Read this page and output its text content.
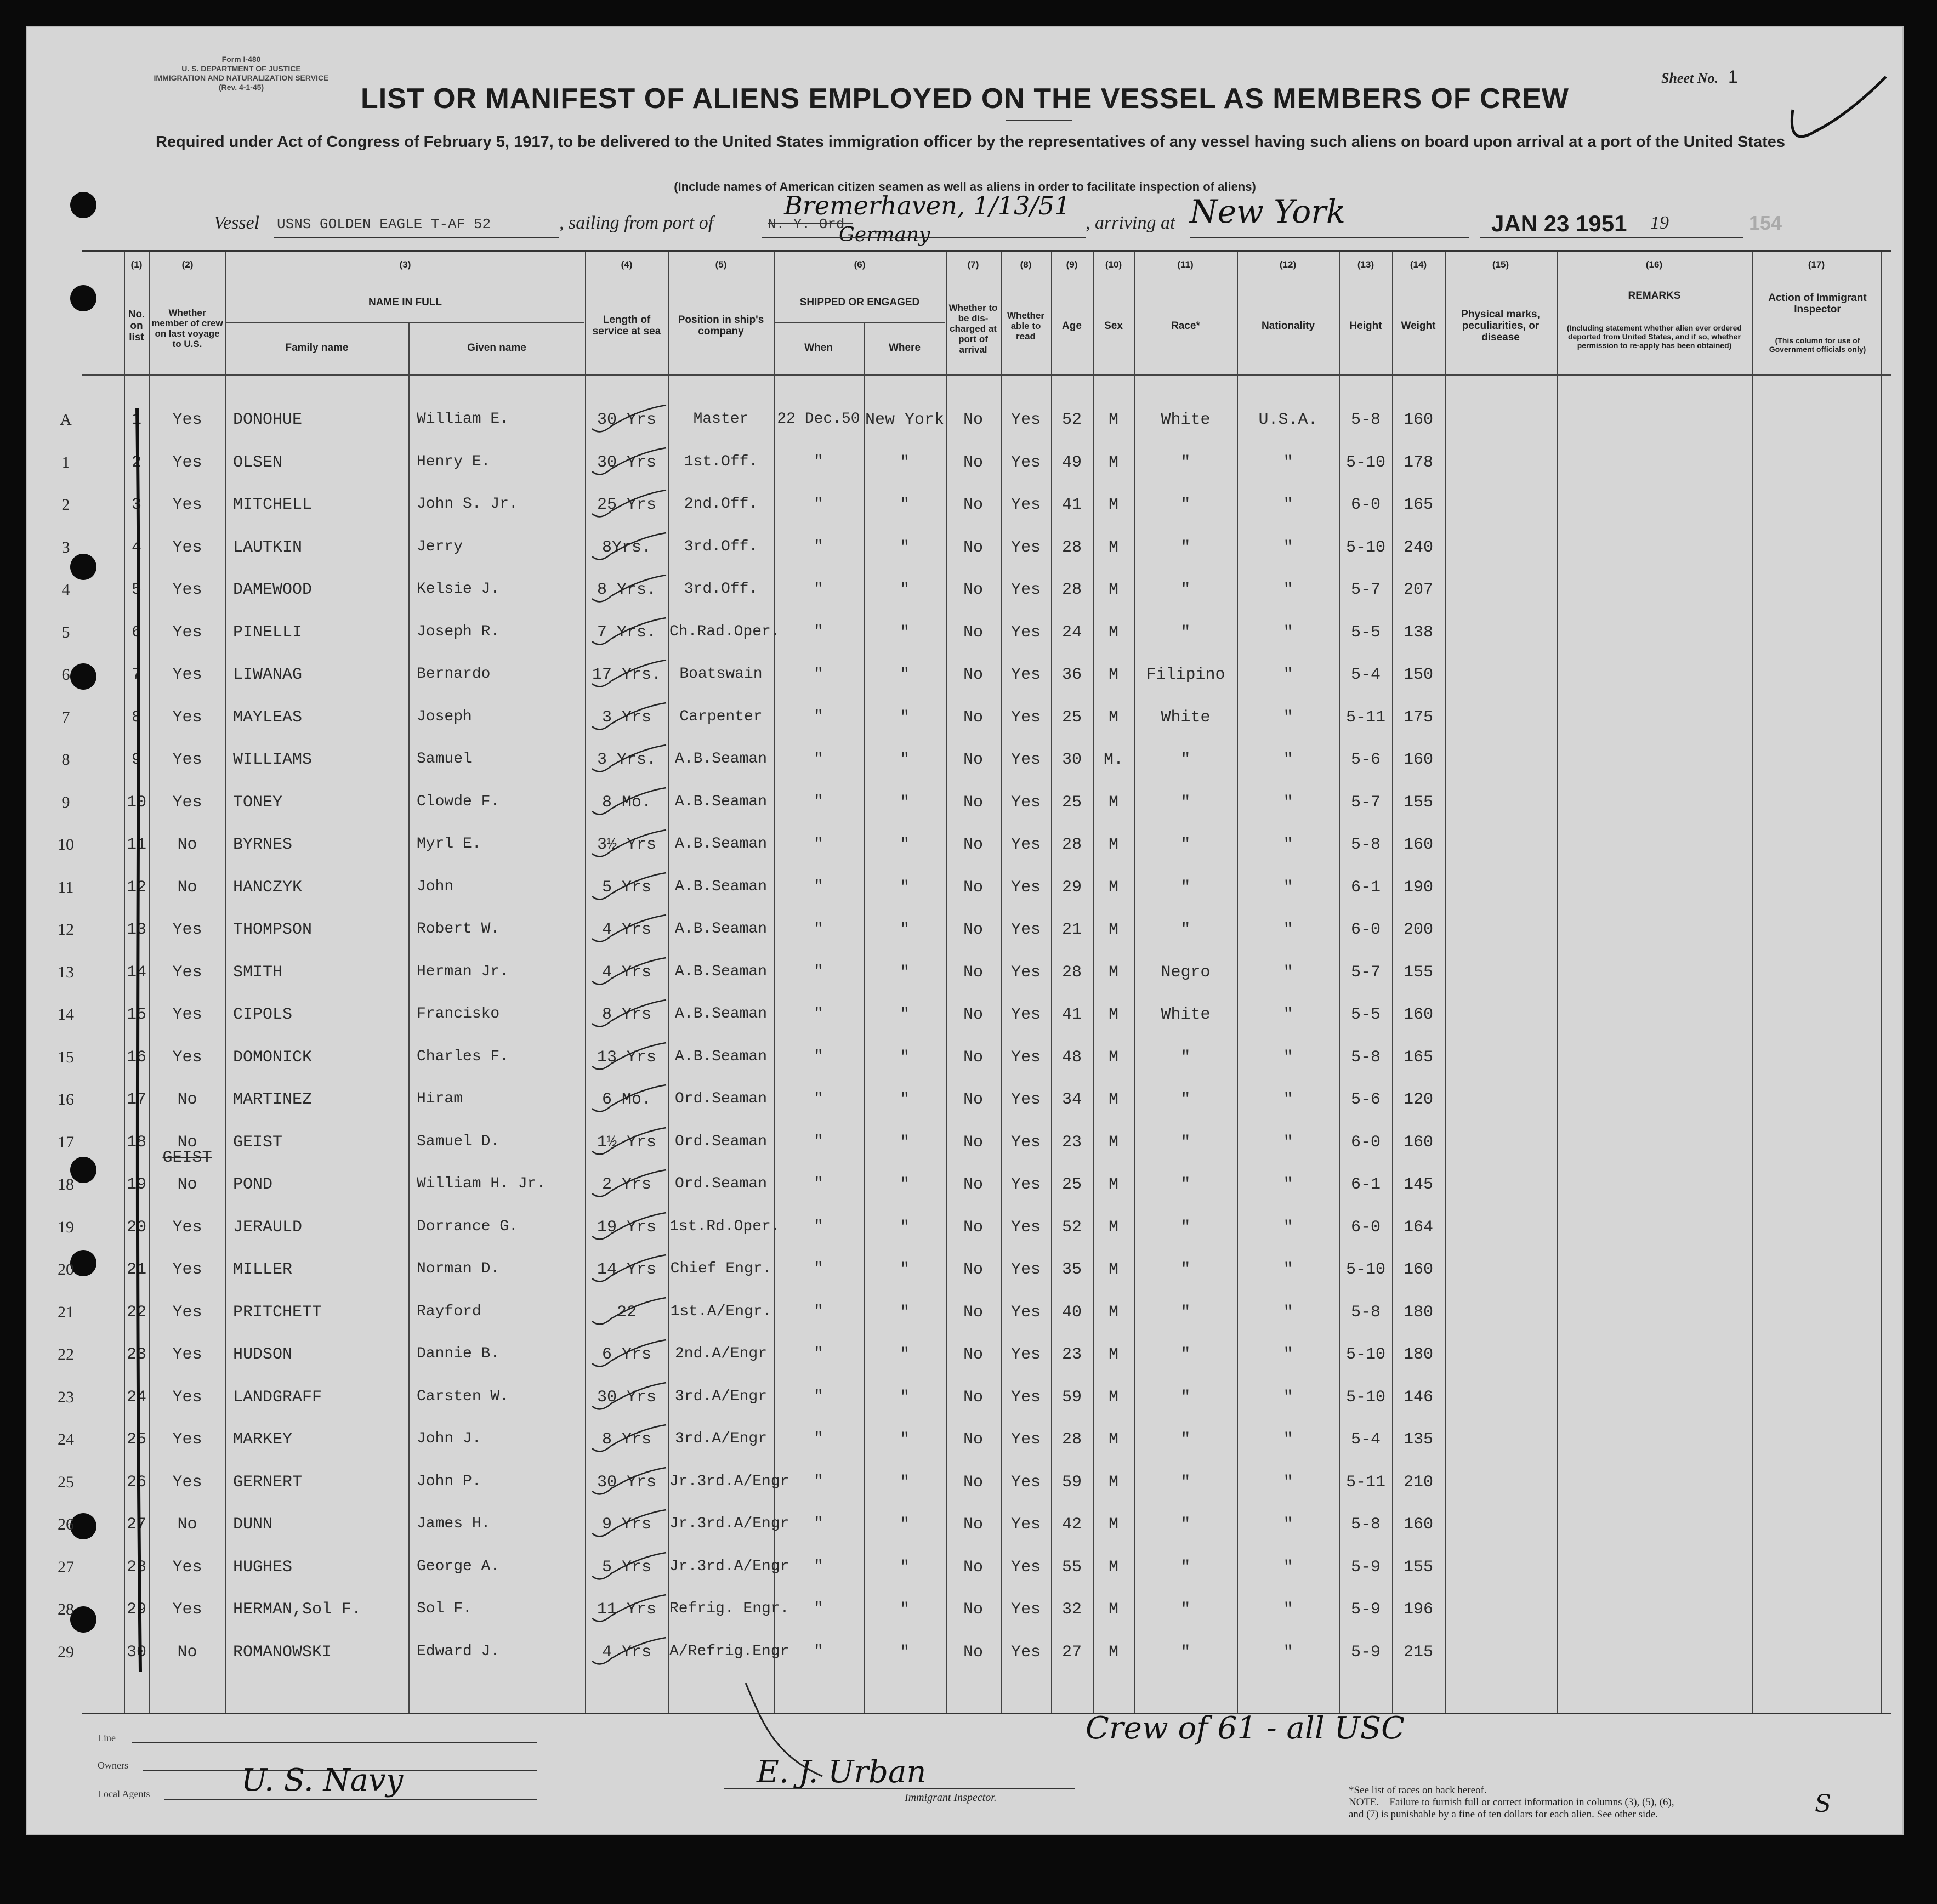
Form I-480
U. S. DEPARTMENT OF JUSTICE
IMMIGRATION AND NATURALIZATION SERVICE
(Rev. 4-1-45)
Sheet No. 1
LIST OR MANIFEST OF ALIENS EMPLOYED ON THE VESSEL AS MEMBERS OF CREW
Required under Act of Congress of February 5, 1917, to be delivered to the United States immigration officer by the representatives of any vessel having such aliens on board upon arrival at a port of the United States
(Include names of American citizen seamen as well as aliens in order to facilitate inspection of aliens)
Vessel USNS GOLDEN EAGLE T-AF 52	, sailing from port of	N. Y. Ord.
Bremerhaven, 1/13/51
Germany
, arriving at New York	JAN 23 1951 19	154
No. on list
Whether member of crew on last voyage to U.S.
NAME IN FULL
Family name	Given name
Length of service at sea
Position in ship's company
SHIPPED OR ENGAGED
When	Where
Whether to be dis-charged at port of arrival
Whether able to read
Age	Sex	Race*	Nationality	Height	Weight
Physical marks, peculiarities, or disease
REMARKS
(Including statement whether alien ever ordered deported from United States, and if so, whether permission to re-apply has been obtained)
Action of Immigrant Inspector
(This column for use of Government officials only)
(1)	(2)	(3)	(4)	(5)	(6)	(7)	(8)	(9)	(10)	(11)	(12)	(13)	(14)	(15)	(16)	(17)
A	1	Yes	DONOHUE	William E.	30 Yrs	Master	22 Dec.50 New York	No	Yes	52	M	White	U.S.A.	5-8	160
1	2	Yes	OLSEN	Henry E.	30 Yrs	1st.Off.	"	"	No	Yes	49	M	"	"	5-10	178
2	3	Yes	MITCHELL	John S. Jr.	25 Yrs	2nd.Off.	"	"	No	Yes	41	M	"	"	6-0	165
3	4	Yes	LAUTKIN	Jerry	8Yrs.	3rd.Off.	"	"	No	Yes	28	M	"	"	5-10	240
4	5	Yes	DAMEWOOD	Kelsie J.	8 Yrs.	3rd.Off.	"	"	No	Yes	28	M	"	"	5-7	207
5	6	Yes	PINELLI	Joseph R.	7 Yrs. Ch.Rad.Oper.	"	"	No	Yes	24	M	"	"	5-5	138
6	7	Yes	LIWANAG	Bernardo	17 Yrs.	Boatswain	"	"	No	Yes	36	M	Filipino	"	5-4	150
7	8	Yes	MAYLEAS	Joseph	3 Yrs	Carpenter	"	"	No	Yes	25	M	White	"	5-11	175
8	9	Yes	WILLIAMS	Samuel	3 Yrs.	A.B.Seaman	"	"	No	Yes	30	M.	"	"	5-6	160
9	10	Yes	TONEY	Clowde F.	8 Mo.	A.B.Seaman	"	"	No	Yes	25	M	"	"	5-7	155
10	11	No	BYRNES	Myrl E.	3½ Yrs	A.B.Seaman	"	"	No	Yes	28	M	"	"	5-8	160
11	12	No	HANCZYK	John	5 Yrs	A.B.Seaman	"	"	No	Yes	29	M	"	"	6-1	190
12	13	Yes	THOMPSON	Robert W.	4 Yrs	A.B.Seaman	"	"	No	Yes	21	M	"	"	6-0	200
13	14	Yes	SMITH	Herman Jr.	4 Yrs	A.B.Seaman	"	"	No	Yes	28	M	Negro	"	5-7	155
14	15	Yes	CIPOLS	Francisko	8 Yrs	A.B.Seaman	"	"	No	Yes	41	M	White	"	5-5	160
15	16	Yes	DOMONICK	Charles F.	13 Yrs	A.B.Seaman	"	"	No	Yes	48	M	"	"	5-8	165
16	17	No	MARTINEZ	Hiram	6 Mo.	Ord.Seaman	"	"	No	Yes	34	M	"	"	5-6	120
17	18	No	GEIST	Samuel D.	1½ Yrs	Ord.Seaman	"	"	No	Yes	23	M	"	"	6-0	160
GEIST
18	19	No	POND	William H. Jr.	2 Yrs	Ord.Seaman	"	"	No	Yes	25	M	"	"	6-1	145
19	20	Yes	JERAULD	Dorrance G.	19 Yrs 1st.Rd.Oper.	"	"	No	Yes	52	M	"	"	6-0	164
20	21	Yes	MILLER	Norman D.	14 Yrs Chief Engr.	"	"	No	Yes	35	M	"	"	5-10	160
21	22	Yes	PRITCHETT	Rayford	22	1st.A/Engr.	"	"	No	Yes	40	M	"	"	5-8	180
22	23	Yes	HUDSON	Dannie B.	6 Yrs	2nd.A/Engr	"	"	No	Yes	23	M	"	"	5-10	180
23	24	Yes	LANDGRAFF	Carsten W.	30 Yrs	3rd.A/Engr	"	"	No	Yes	59	M	"	"	5-10	146
24	25	Yes	MARKEY	John J.	8 Yrs	3rd.A/Engr	"	"	No	Yes	28	M	"	"	5-4	135
25	26	Yes	GERNERT	John P.	30 Yrs Jr.3rd.A/Engr	"	"	No	Yes	59	M	"	"	5-11	210
26	27	No	DUNN	James H.	9 Yrs	Jr.3rd.A/Engr	"	"	No	Yes	42	M	"	"	5-8	160
27	28	Yes	HUGHES	George A.	5 Yrs	Jr.3rd.A/Engr	"	"	No	Yes	55	M	"	"	5-9	155
28	29	Yes	HERMAN,Sol F.	Sol F.	11 Yrs Refrig. Engr.	"	"	No	Yes	32	M	"	"	5-9	196
29	30	No	ROMANOWSKI	Edward J.	4 Yrs	A/Refrig.Engr	"	"	No	Yes	27	M	"	"	5-9	215
Line
Owners
Local Agents	U. S. Navy	E. J. Urban
Immigrant Inspector.
Crew of 61 - all USC
*See list of races on back hereof.
NOTE.—Failure to furnish full or correct information in columns (3), (5), (6), and (7) is punishable by a fine of ten dollars for each alien. See other side.	S
